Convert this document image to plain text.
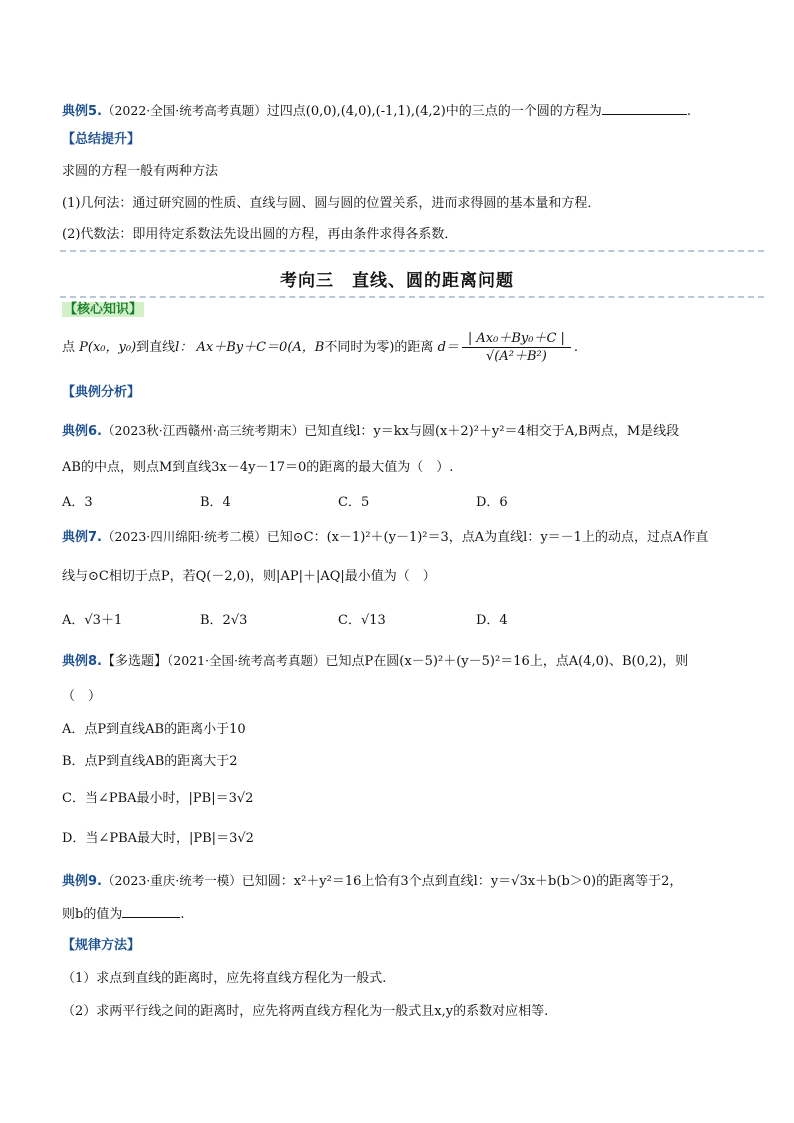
典例5.（2022·全国·统考高考真题）过四点(0,0),(4,0),(-1,1),(4,2)中的三点的一个圆的方程为	.
【总结提升】
求圆的方程一般有两种方法
(1)几何法：通过研究圆的性质、直线与圆、圆与圆的位置关系，进而求得圆的基本量和方程．
(2)代数法：即用待定系数法先设出圆的方程，再由条件求得各系数．
考向三　直线、圆的距离问题
【核心知识】
点 P(x₀，y₀)到直线l： Ax＋By＋C＝0(A，B不同时为零)的距离 $d= \frac{\text{| Ax₀＋By₀＋C |}}{\text{√(A²＋B²)}}$ .
【典例分析】
典例6.（2023秋·江西赣州·高三统考期末）已知直线l：y＝kx与圆(x＋2)²＋y²＝4相交于A,B两点，M是线段
AB的中点，则点M到直线3x－4y－17＝0的距离的最大值为（　）.
A．3	B．4	C．5	D．6
典例7.（2023·四川绵阳·统考二模）已知⊙C：(x－1)²＋(y－1)²＝3，点A为直线l：y＝－1上的动点，过点A作直
线与⊙C相切于点P，若Q(－2,0)，则|AP|＋|AQ|最小值为（　）
A．√3＋1	B．2√3	C．√13	D．4
典例8.【多选题】（2021·全国·统考高考真题）已知点P在圆(x－5)²＋(y－5)²＝16上，点A(4,0)、B(0,2)，则
（　）
A．点P到直线AB的距离小于10
B．点P到直线AB的距离大于2
C．当∠PBA最小时，|PB|＝3√2
D．当∠PBA最大时，|PB|＝3√2
典例9.（2023·重庆·统考一模）已知圆：x²＋y²＝16上恰有3个点到直线l：y＝√3x＋b(b＞0)的距离等于2，
则b的值为	.
【规律方法】
（1）求点到直线的距离时，应先将直线方程化为一般式.
（2）求两平行线之间的距离时，应先将两直线方程化为一般式且x,y的系数对应相等.
